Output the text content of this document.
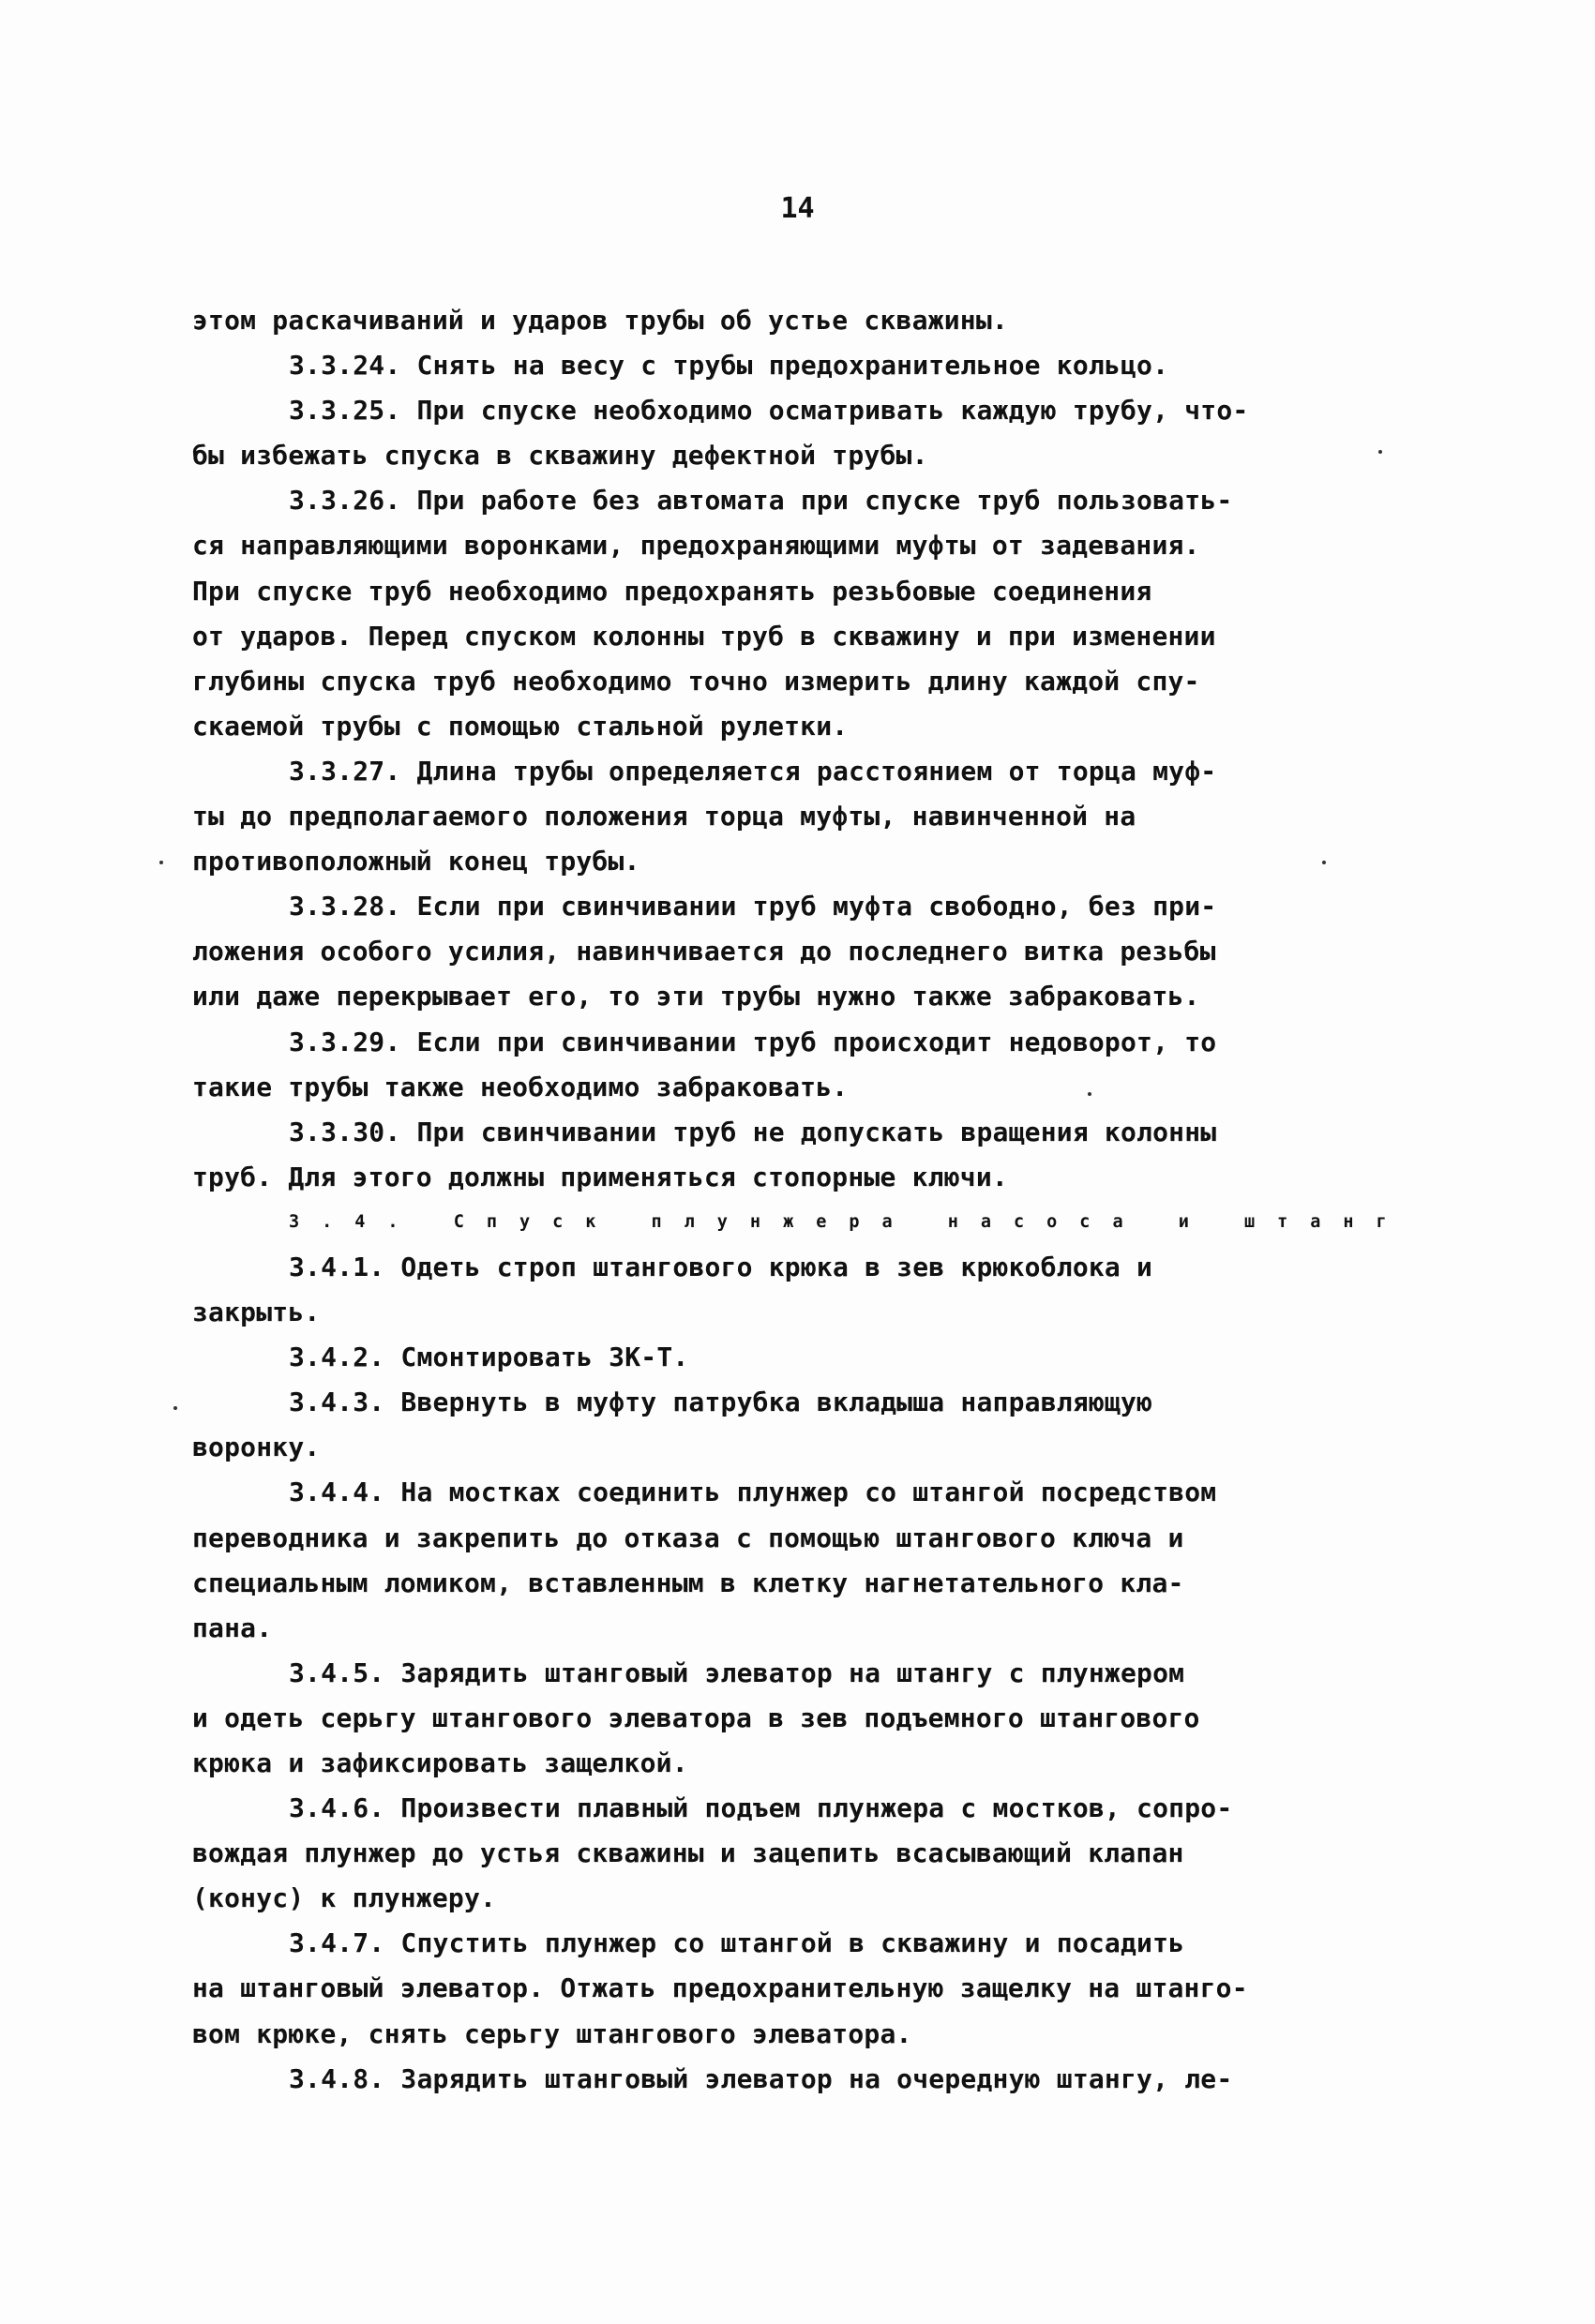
14
этом раскачиваний и ударов трубы об устье скважины.
3.3.24. Снять на весу с трубы предохранительное кольцо.
3.3.25. При спуске необходимо осматривать каждую трубу, что-
бы избежать спуска в скважину дефектной трубы.
3.3.26. При работе без автомата при спуске труб пользовать-
ся направляющими воронками, предохраняющими муфты от задевания.
При спуске труб необходимо предохранять резьбовые соединения
от ударов. Перед спуском колонны труб в скважину и при изменении
глубины спуска труб необходимо точно измерить длину каждой спу-
скаемой трубы с помощью стальной рулетки.
3.3.27. Длина трубы определяется расстоянием от торца муф-
ты до предполагаемого положения торца муфты, навинченной на
противоположный конец трубы.
3.3.28. Если при свинчивании труб муфта свободно, без при-
ложения особого усилия, навинчивается до последнего витка резьбы
или даже перекрывает его, то эти трубы нужно также забраковать.
3.3.29. Если при свинчивании труб происходит недоворот, то
такие трубы также необходимо забраковать.
3.3.30. При свинчивании труб не допускать вращения колонны
труб. Для этого должны применяться стопорные ключи.
3.4. Спуск плунжера насоса и штанг
3.4.1. Одеть строп штангового крюка в зев крюкоблока и
закрыть.
3.4.2. Смонтировать ЗК-Т.
3.4.3. Ввернуть в муфту патрубка вкладыша направляющую
воронку.
3.4.4. На мостках соединить плунжер со штангой посредством
переводника и закрепить до отказа с помощью штангового ключа и
специальным ломиком, вставленным в клетку нагнетательного кла-
пана.
3.4.5. Зарядить штанговый элеватор на штангу с плунжером
и одеть серьгу штангового элеватора в зев подъемного штангового
крюка и зафиксировать защелкой.
3.4.6. Произвести плавный подъем плунжера с мостков, сопро-
вождая плунжер до устья скважины и зацепить всасывающий клапан
(конус) к плунжеру.
3.4.7. Спустить плунжер со штангой в скважину и посадить
на штанговый элеватор. Отжать предохранительную защелку на штанго-
вом крюке, снять серьгу штангового элеватора.
3.4.8. Зарядить штанговый элеватор на очередную штангу, ле-
